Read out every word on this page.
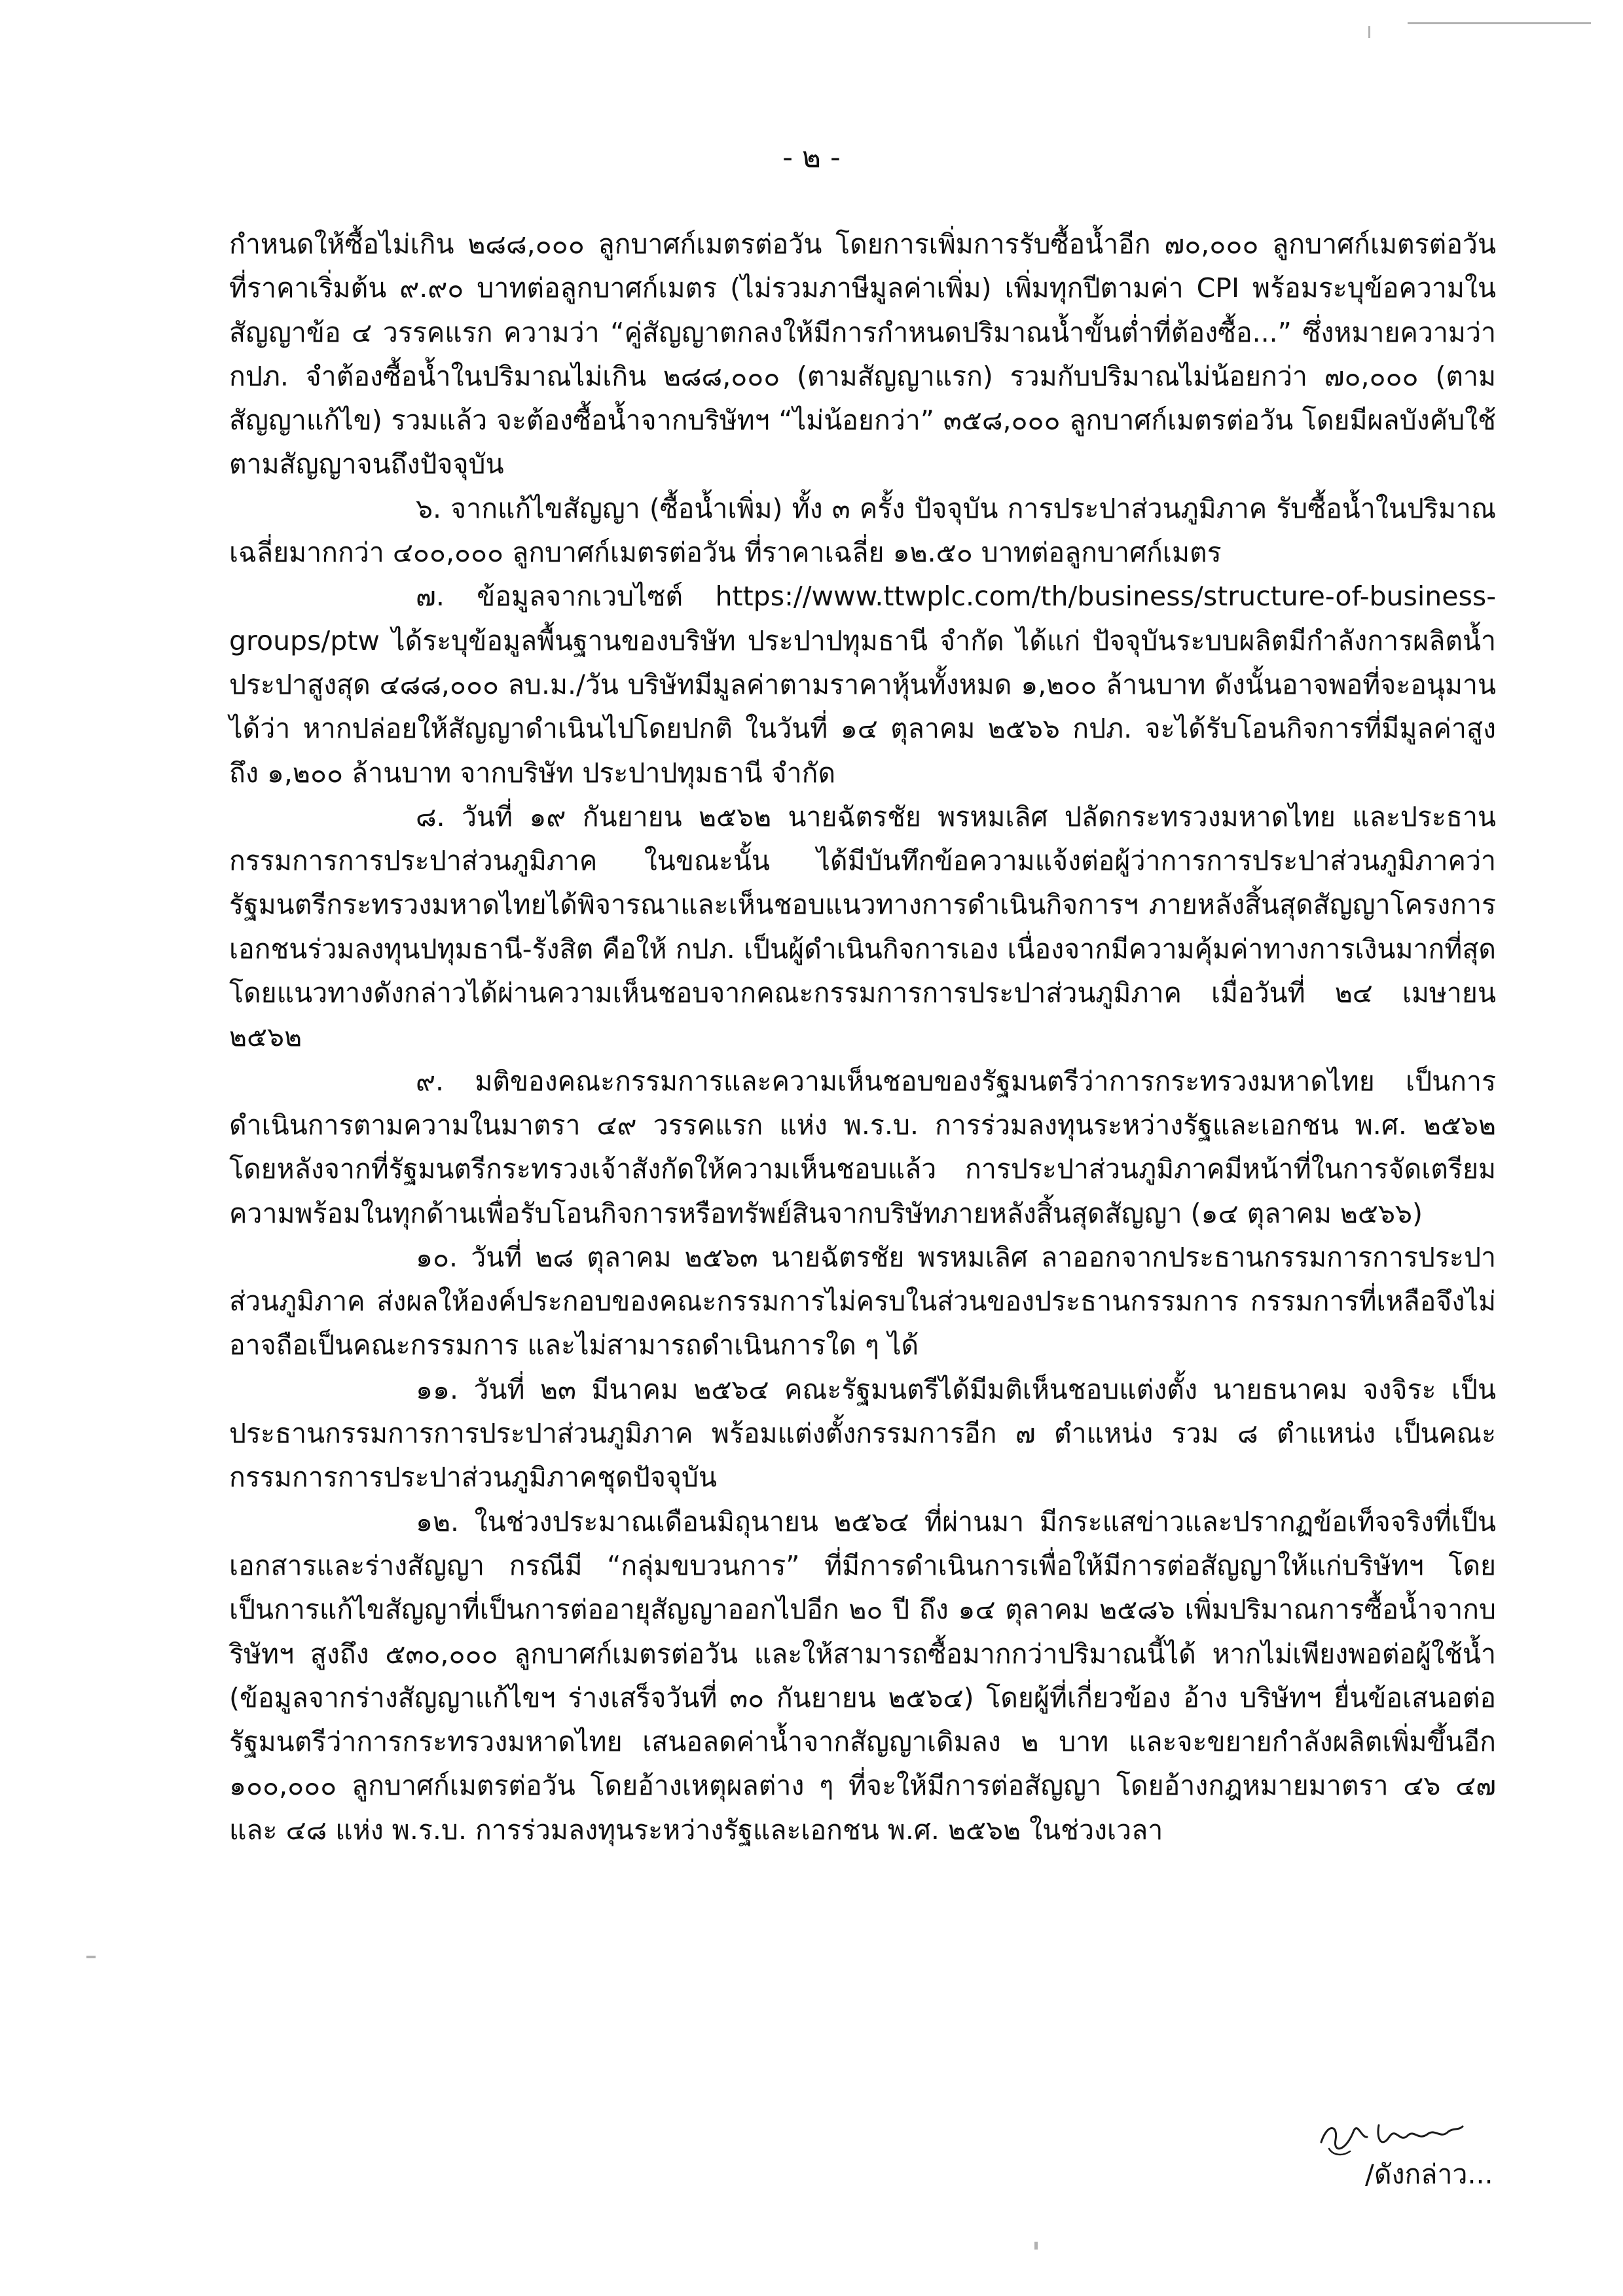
- ๒ -

กำหนดให้ซื้อไม่เกิน ๒๘๘,๐๐๐ ลูกบาศก์เมตรต่อวัน โดยการเพิ่มการรับซื้อน้ำอีก ๗๐,๐๐๐ ลูกบาศก์เมตรต่อวัน ที่ราคาเริ่มต้น ๙.๙๐ บาทต่อลูกบาศก์เมตร (ไม่รวมภาษีมูลค่าเพิ่ม) เพิ่มทุกปีตามค่า CPI พร้อมระบุข้อความในสัญญาข้อ ๔ วรรคแรก ความว่า “คู่สัญญาตกลงให้มีการกำหนดปริมาณน้ำขั้นต่ำที่ต้องซื้อ...” ซึ่งหมายความว่า กปภ. จำต้องซื้อน้ำในปริมาณไม่เกิน ๒๘๘,๐๐๐ (ตามสัญญาแรก) รวมกับปริมาณไม่น้อยกว่า ๗๐,๐๐๐ (ตามสัญญาแก้ไข) รวมแล้ว จะต้องซื้อน้ำจากบริษัทฯ “ไม่น้อยกว่า” ๓๕๘,๐๐๐ ลูกบาศก์เมตรต่อวัน โดยมีผลบังคับใช้ตามสัญญาจนถึงปัจจุบัน

๖. จากแก้ไขสัญญา (ซื้อน้ำเพิ่ม) ทั้ง ๓ ครั้ง ปัจจุบัน การประปาส่วนภูมิภาค รับซื้อน้ำในปริมาณเฉลี่ยมากกว่า ๔๐๐,๐๐๐ ลูกบาศก์เมตรต่อวัน ที่ราคาเฉลี่ย ๑๒.๕๐ บาทต่อลูกบาศก์เมตร

๗. ข้อมูลจากเวบไซต์ https://www.ttwplc.com/th/business/structure-of-business-groups/ptw ได้ระบุข้อมูลพื้นฐานของบริษัท ประปาปทุมธานี จำกัด ได้แก่ ปัจจุบันระบบผลิตมีกำลังการผลิตน้ำประปาสูงสุด ๔๘๘,๐๐๐ ลบ.ม./วัน บริษัทมีมูลค่าตามราคาหุ้นทั้งหมด ๑,๒๐๐ ล้านบาท ดังนั้นอาจพอที่จะอนุมานได้ว่า หากปล่อยให้สัญญาดำเนินไปโดยปกติ ในวันที่ ๑๔ ตุลาคม ๒๕๖๖ กปภ. จะได้รับโอนกิจการที่มีมูลค่าสูงถึง ๑,๒๐๐ ล้านบาท จากบริษัท ประปาปทุมธานี จำกัด

๘. วันที่ ๑๙ กันยายน ๒๕๖๒ นายฉัตรชัย พรหมเลิศ ปลัดกระทรวงมหาดไทย และประธานกรรมการการประปาส่วนภูมิภาค ในขณะนั้น ได้มีบันทึกข้อความแจ้งต่อผู้ว่าการการประปาส่วนภูมิภาคว่ารัฐมนตรีกระทรวงมหาดไทยได้พิจารณาและเห็นชอบแนวทางการดำเนินกิจการฯ ภายหลังสิ้นสุดสัญญาโครงการเอกชนร่วมลงทุนปทุมธานี-รังสิต คือให้ กปภ. เป็นผู้ดำเนินกิจการเอง เนื่องจากมีความคุ้มค่าทางการเงินมากที่สุด โดยแนวทางดังกล่าวได้ผ่านความเห็นชอบจากคณะกรรมการการประปาส่วนภูมิภาค เมื่อวันที่ ๒๔ เมษายน ๒๕๖๒

๙. มติของคณะกรรมการและความเห็นชอบของรัฐมนตรีว่าการกระทรวงมหาดไทย เป็นการดำเนินการตามความในมาตรา ๔๙ วรรคแรก แห่ง พ.ร.บ. การร่วมลงทุนระหว่างรัฐและเอกชน พ.ศ. ๒๕๖๒ โดยหลังจากที่รัฐมนตรีกระทรวงเจ้าสังกัดให้ความเห็นชอบแล้ว การประปาส่วนภูมิภาคมีหน้าที่ในการจัดเตรียมความพร้อมในทุกด้านเพื่อรับโอนกิจการหรือทรัพย์สินจากบริษัทภายหลังสิ้นสุดสัญญา (๑๔ ตุลาคม ๒๕๖๖)

๑๐. วันที่ ๒๘ ตุลาคม ๒๕๖๓ นายฉัตรชัย พรหมเลิศ ลาออกจากประธานกรรมการการประปาส่วนภูมิภาค ส่งผลให้องค์ประกอบของคณะกรรมการไม่ครบในส่วนของประธานกรรมการ กรรมการที่เหลือจึงไม่อาจถือเป็นคณะกรรมการ และไม่สามารถดำเนินการใด ๆ ได้

๑๑. วันที่ ๒๓ มีนาคม ๒๕๖๔ คณะรัฐมนตรีได้มีมติเห็นชอบแต่งตั้ง นายธนาคม จงจิระ เป็นประธานกรรมการการประปาส่วนภูมิภาค พร้อมแต่งตั้งกรรมการอีก ๗ ตำแหน่ง รวม ๘ ตำแหน่ง เป็นคณะกรรมการการประปาส่วนภูมิภาคชุดปัจจุบัน

๑๒. ในช่วงประมาณเดือนมิถุนายน ๒๕๖๔ ที่ผ่านมา มีกระแสข่าวและปรากฏข้อเท็จจริงที่เป็นเอกสารและร่างสัญญา กรณีมี “กลุ่มขบวนการ” ที่มีการดำเนินการเพื่อให้มีการต่อสัญญาให้แก่บริษัทฯ โดยเป็นการแก้ไขสัญญาที่เป็นการต่ออายุสัญญาออกไปอีก ๒๐ ปี ถึง ๑๔ ตุลาคม ๒๕๘๖ เพิ่มปริมาณการซื้อน้ำจากบริษัทฯ สูงถึง ๕๓๐,๐๐๐ ลูกบาศก์เมตรต่อวัน และให้สามารถซื้อมากกว่าปริมาณนี้ได้ หากไม่เพียงพอต่อผู้ใช้น้ำ (ข้อมูลจากร่างสัญญาแก้ไขฯ ร่างเสร็จวันที่ ๓๐ กันยายน ๒๕๖๔) โดยผู้ที่เกี่ยวข้อง อ้าง บริษัทฯ ยื่นข้อเสนอต่อรัฐมนตรีว่าการกระทรวงมหาดไทย เสนอลดค่าน้ำจากสัญญาเดิมลง ๒ บาท และจะขยายกำลังผลิตเพิ่มขึ้นอีก ๑๐๐,๐๐๐ ลูกบาศก์เมตรต่อวัน โดยอ้างเหตุผลต่าง ๆ ที่จะให้มีการต่อสัญญา โดยอ้างกฎหมายมาตรา ๔๖ ๔๗ และ ๔๘ แห่ง พ.ร.บ. การร่วมลงทุนระหว่างรัฐและเอกชน พ.ศ. ๒๕๖๒ ในช่วงเวลา

/ดังกล่าว...
